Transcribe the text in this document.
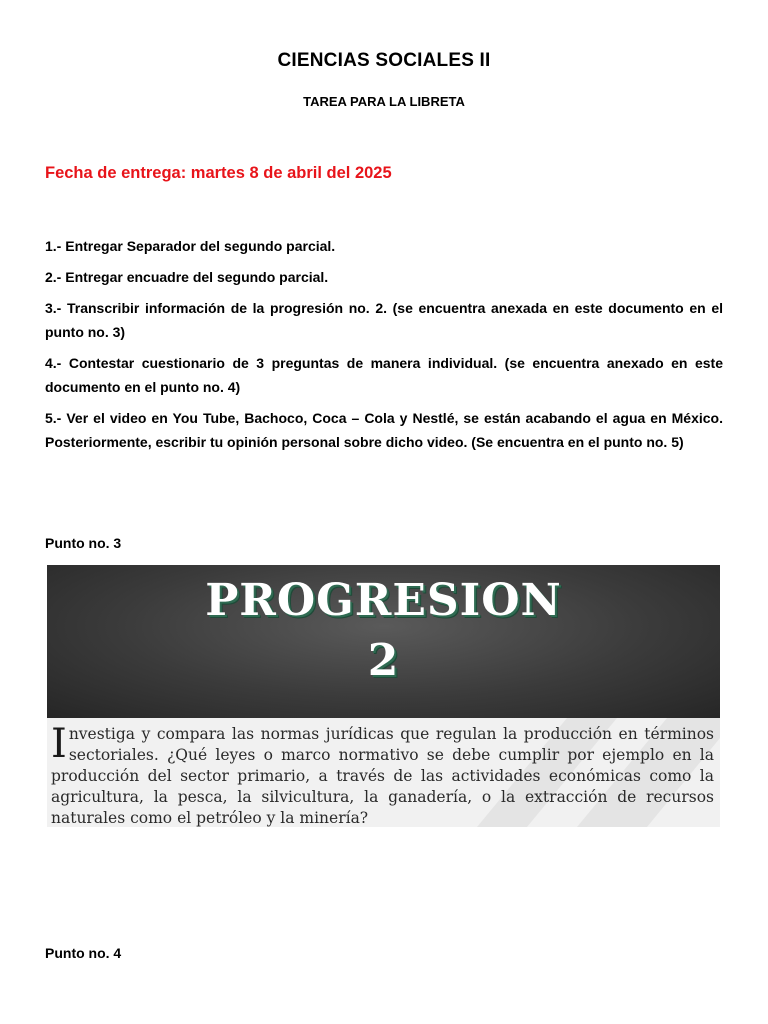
CIENCIAS SOCIALES II
TAREA PARA LA LIBRETA
Fecha de entrega: martes 8 de abril del 2025

1.- Entregar Separador del segundo parcial.

2.- Entregar encuadre del segundo parcial.

3.- Transcribir información de la progresión no. 2. (se encuentra anexada en este documento en el punto no. 3)

4.- Contestar cuestionario de 3 preguntas de manera individual. (se encuentra anexado en este documento en el punto no. 4)

5.- Ver el video en You Tube, Bachoco, Coca – Cola y Nestlé, se están acabando el agua en México. Posteriormente, escribir tu opinión personal sobre dicho video. (Se encuentra en el punto no. 5)

Punto no. 3
PROGRESION
2
Investiga y compara las normas jurídicas que regulan la producción en términos sectoriales. ¿Qué leyes o marco normativo se debe cumplir por ejemplo en la producción del sector primario, a través de las actividades económicas como la agricultura, la pesca, la silvicultura, la ganadería, o la extracción de recursos naturales como el petróleo y la minería?
Punto no. 4
